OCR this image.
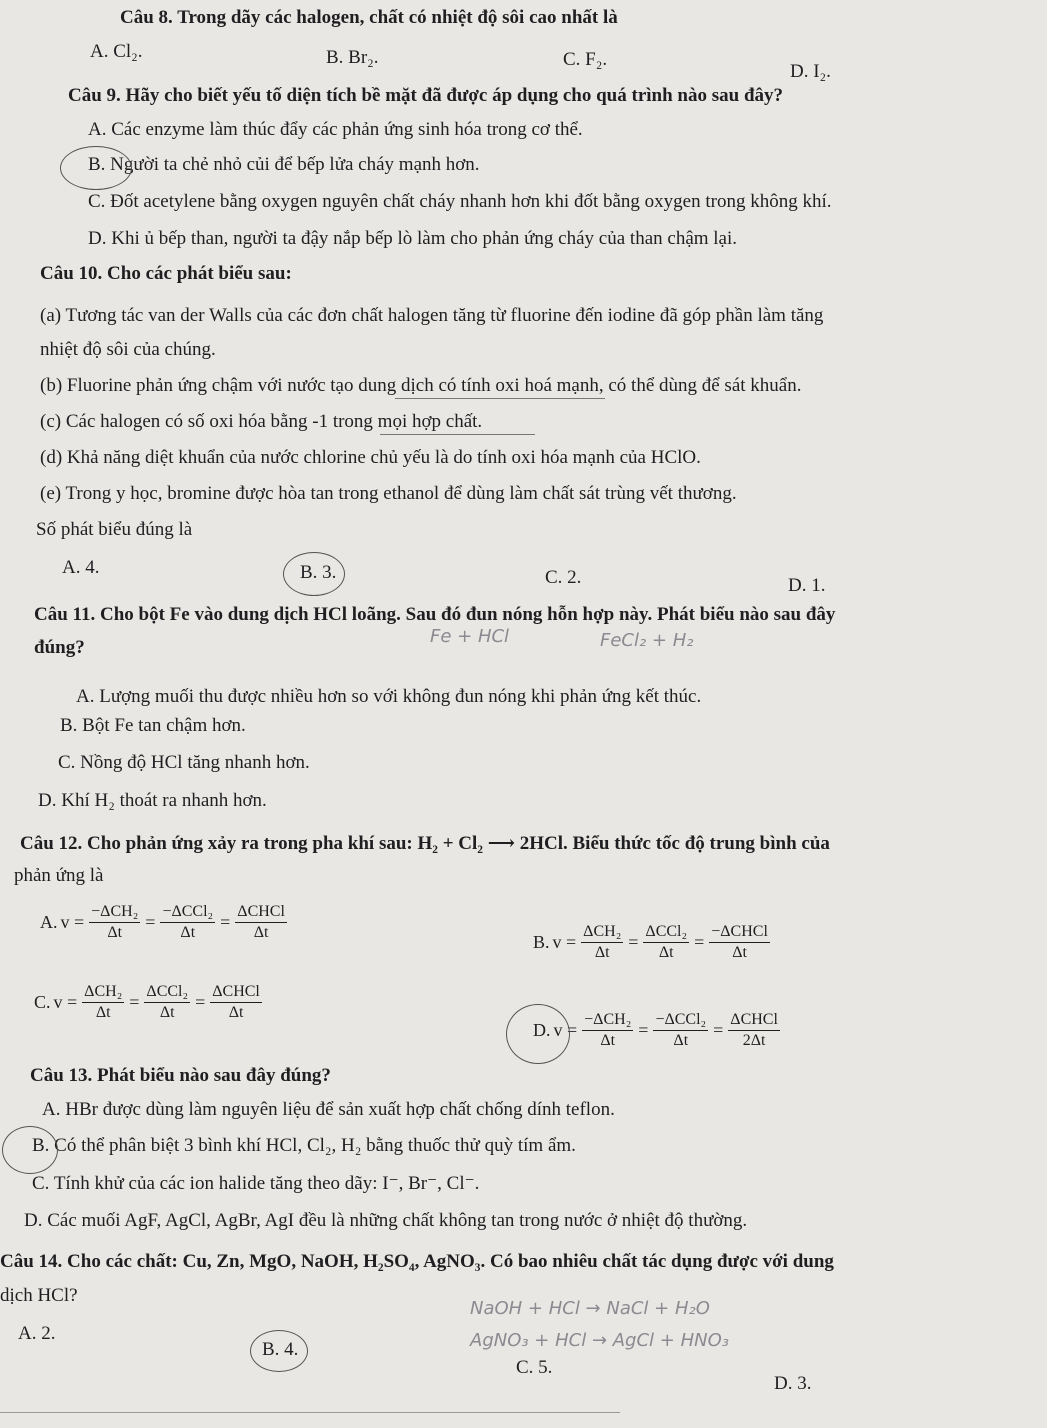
Câu 8. Trong dãy các halogen, chất có nhiệt độ sôi cao nhất là
A. Cl₂.	B. Br₂.	C. F₂.
D. I₂.
Câu 9. Hãy cho biết yếu tố diện tích bề mặt đã được áp dụng cho quá trình nào sau đây?
A. Các enzyme làm thúc đẩy các phản ứng sinh hóa trong cơ thể.
B. Người ta chẻ nhỏ củi để bếp lửa cháy mạnh hơn.
C. Đốt acetylene bằng oxygen nguyên chất cháy nhanh hơn khi đốt bằng oxygen trong không khí.
D. Khi ủ bếp than, người ta đậy nắp bếp lò làm cho phản ứng cháy của than chậm lại.
Câu 10. Cho các phát biểu sau:
(a) Tương tác van der Walls của các đơn chất halogen tăng từ fluorine đến iodine đã góp phần làm tăng
nhiệt độ sôi của chúng.
(b) Fluorine phản ứng chậm với nước tạo dung dịch có tính oxi hoá mạnh, có thể dùng để sát khuẩn.
(c) Các halogen có số oxi hóa bằng -1 trong mọi hợp chất.
(d) Khả năng diệt khuẩn của nước chlorine chủ yếu là do tính oxi hóa mạnh của HClO.
(e) Trong y học, bromine được hòa tan trong ethanol để dùng làm chất sát trùng vết thương.
Số phát biểu đúng là
A. 4.	B. 3.	C. 2.	D. 1.
Câu 11. Cho bột Fe vào dung dịch HCl loãng. Sau đó đun nóng hỗn hợp này. Phát biểu nào sau đây
đúng?
Fe + HCl	FeCl₂ + H₂
A. Lượng muối thu được nhiều hơn so với không đun nóng khi phản ứng kết thúc.
B. Bột Fe tan chậm hơn.
C. Nồng độ HCl tăng nhanh hơn.
D. Khí H₂ thoát ra nhanh hơn.
Câu 12. Cho phản ứng xảy ra trong pha khí sau: H₂ + Cl₂ ⟶ 2HCl. Biểu thức tốc độ trung bình của
phản ứng là
A. $v = \frac{\text{−ΔCH₂}}{\Delta t} = \frac{\text{−ΔCCl₂}}{\Delta t} = \frac{\text{ΔCHCl}}{\Delta t}$	B. $v = \frac{\text{ΔCH₂}}{\Delta t} = \frac{\text{ΔCCl₂}}{\Delta t} = \frac{\text{−ΔCHCl}}{\Delta t}$
C. $v = \frac{\text{ΔCH₂}}{\Delta t} = \frac{\text{ΔCCl₂}}{\Delta t} = \frac{\text{ΔCHCl}}{\Delta t}$
D. $v = \frac{\text{−ΔCH₂}}{\Delta t} = \frac{\text{−ΔCCl₂}}{\Delta t} = \frac{\text{ΔCHCl}}{2\Delta t}$
Câu 13. Phát biểu nào sau đây đúng?
A. HBr được dùng làm nguyên liệu để sản xuất hợp chất chống dính teflon.
B. Có thể phân biệt 3 bình khí HCl, Cl₂, H₂ bằng thuốc thử quỳ tím ẩm.
C. Tính khử của các ion halide tăng theo dãy: I⁻, Br⁻, Cl⁻.
D. Các muối AgF, AgCl, AgBr, AgI đều là những chất không tan trong nước ở nhiệt độ thường.
Câu 14. Cho các chất: Cu, Zn, MgO, NaOH, H₂SO₄, AgNO₃. Có bao nhiêu chất tác dụng được với dung
dịch HCl?
NaOH + HCl → NaCl + H₂O
AgNO₃ + HCl → AgCl + HNO₃
A. 2.
B. 4.
C. 5.
D. 3.
